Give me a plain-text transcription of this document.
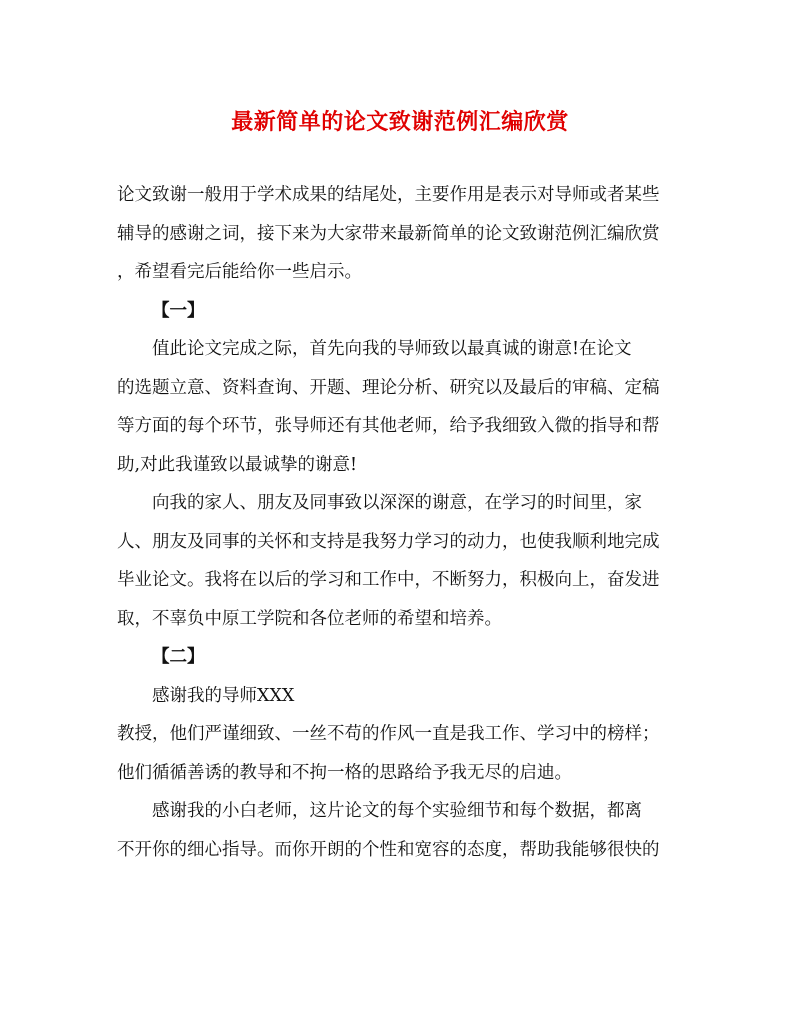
最新简单的论文致谢范例汇编欣赏
论文致谢一般用于学术成果的结尾处，主要作用是表示对导师或者某些
辅导的感谢之词，接下来为大家带来最新简单的论文致谢范例汇编欣赏
，希望看完后能给你一些启示。
【一】
值此论文完成之际，首先向我的导师致以最真诚的谢意!在论文
的选题立意、资料查询、开题、理论分析、研究以及最后的审稿、定稿
等方面的每个环节，张导师还有其他老师，给予我细致入微的指导和帮
助,对此我谨致以最诚挚的谢意!
向我的家人、朋友及同事致以深深的谢意，在学习的时间里，家
人、朋友及同事的关怀和支持是我努力学习的动力，也使我顺利地完成
毕业论文。我将在以后的学习和工作中，不断努力，积极向上，奋发进
取，不辜负中原工学院和各位老师的希望和培养。
【二】
感谢我的导师XXX
教授，他们严谨细致、一丝不苟的作风一直是我工作、学习中的榜样；
他们循循善诱的教导和不拘一格的思路给予我无尽的启迪。
感谢我的小白老师，这片论文的每个实验细节和每个数据，都离
不开你的细心指导。而你开朗的个性和宽容的态度，帮助我能够很快的
